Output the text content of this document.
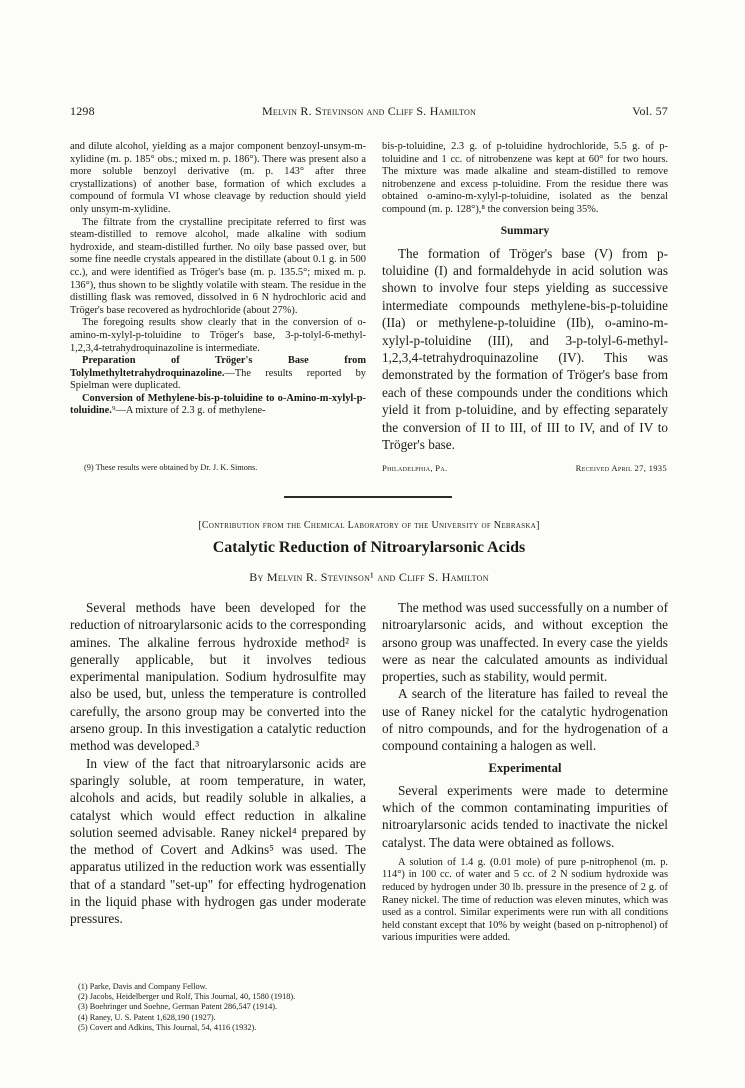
1298	Melvin R. Stevinson and Cliff S. Hamilton	Vol. 57

and dilute alcohol, yielding as a major component benzoyl-unsym-m-xylidine (m. p. 185° obs.; mixed m. p. 186°). There was present also a more soluble benzoyl derivative (m. p. 143° after three crystallizations) of another base, formation of which excludes a compound of formula VI whose cleavage by reduction should yield only unsym-m-xylidine.

The filtrate from the crystalline precipitate referred to first was steam-distilled to remove alcohol, made alkaline with sodium hydroxide, and steam-distilled further. No oily base passed over, but some fine needle crystals appeared in the distillate (about 0.1 g. in 500 cc.), and were identified as Tröger's base (m. p. 135.5°; mixed m. p. 136°), thus shown to be slightly volatile with steam. The residue in the distilling flask was removed, dissolved in 6 N hydrochloric acid and Tröger's base recovered as hydrochloride (about 27%).

The foregoing results show clearly that in the conversion of o-amino-m-xylyl-p-toluidine to Tröger's base, 3-p-tolyl-6-methyl-1,2,3,4-tetrahydroquinazoline is intermediate.

Preparation of Tröger's Base from Tolylmethyltetrahydroquinazoline.—The results reported by Spielman were duplicated.

Conversion of Methylene-bis-p-toluidine to o-Amino-m-xylyl-p-toluidine.⁹—A mixture of 2.3 g. of methylene-

bis-p-toluidine, 2.3 g. of p-toluidine hydrochloride, 5.5 g. of p-toluidine and 1 cc. of nitrobenzene was kept at 60° for two hours. The mixture was made alkaline and steam-distilled to remove nitrobenzene and excess p-toluidine. From the residue there was obtained o-amino-m-xylyl-p-toluidine, isolated as the benzal compound (m. p. 128°),⁸ the conversion being 35%.

Summary

The formation of Tröger's base (V) from p-toluidine (I) and formaldehyde in acid solution was shown to involve four steps yielding as successive intermediate compounds methylene-bis-p-toluidine (IIa) or methylene-p-toluidine (IIb), o-amino-m-xylyl-p-toluidine (III), and 3-p-tolyl-6-methyl-1,2,3,4-tetrahydroquinazoline (IV). This was demonstrated by the formation of Tröger's base from each of these compounds under the conditions which yield it from p-toluidine, and by effecting separately the conversion of II to III, of III to IV, and of IV to Tröger's base.

(9) These results were obtained by Dr. J. K. Simons.	Philadelphia, Pa.	Received April 27, 1935
[Contribution from the Chemical Laboratory of the University of Nebraska]
Catalytic Reduction of Nitroarylarsonic Acids
By Melvin R. Stevinson¹ and Cliff S. Hamilton

Several methods have been developed for the reduction of nitroarylarsonic acids to the corresponding amines. The alkaline ferrous hydroxide method² is generally applicable, but it involves tedious experimental manipulation. Sodium hydrosulfite may also be used, but, unless the temperature is controlled carefully, the arsono group may be converted into the arseno group. In this investigation a catalytic reduction method was developed.³

In view of the fact that nitroarylarsonic acids are sparingly soluble, at room temperature, in water, alcohols and acids, but readily soluble in alkalies, a catalyst which would effect reduction in alkaline solution seemed advisable. Raney nickel⁴ prepared by the method of Covert and Adkins⁵ was used. The apparatus utilized in the reduction work was essentially that of a standard "set-up" for effecting hydrogenation in the liquid phase with hydrogen gas under moderate pressures.

(1) Parke, Davis and Company Fellow.

(2) Jacobs, Heidelberger und Rolf, This Journal, 40, 1580 (1918).

(3) Boehringer und Soehne, German Patent 286,547 (1914).

(4) Raney, U. S. Patent 1,628,190 (1927).

(5) Covert and Adkins, This Journal, 54, 4116 (1932).

The method was used successfully on a number of nitroarylarsonic acids, and without exception the arsono group was unaffected. In every case the yields were as near the calculated amounts as individual properties, such as stability, would permit.

A search of the literature has failed to reveal the use of Raney nickel for the catalytic hydrogenation of nitro compounds, and for the hydrogenation of a compound containing a halogen as well.

Experimental

Several experiments were made to determine which of the common contaminating impurities of nitroarylarsonic acids tended to inactivate the nickel catalyst. The data were obtained as follows.

A solution of 1.4 g. (0.01 mole) of pure p-nitrophenol (m. p. 114°) in 100 cc. of water and 5 cc. of 2 N sodium hydroxide was reduced by hydrogen under 30 lb. pressure in the presence of 2 g. of Raney nickel. The time of reduction was eleven minutes, which was used as a control. Similar experiments were run with all conditions held constant except that 10% by weight (based on p-nitrophenol) of various impurities were added.
